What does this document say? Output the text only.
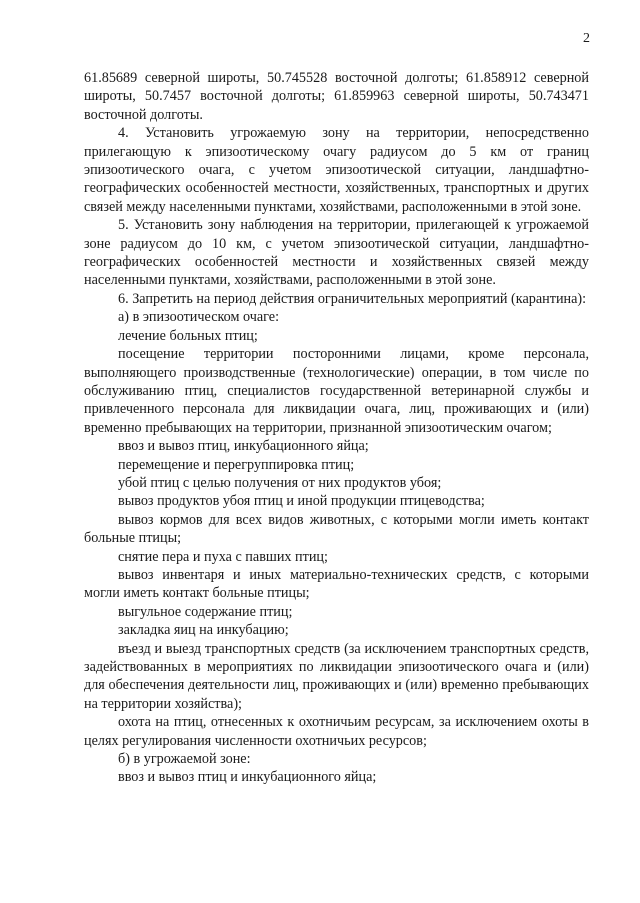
2

61.85689 северной широты, 50.745528 восточной долготы; 61.858912 северной широты, 50.7457 восточной долготы; 61.859963 северной широты, 50.743471 восточной долготы.

4. Установить угрожаемую зону на территории, непосредственно прилегающую к эпизоотическому очагу радиусом до 5 км от границ эпизоотического очага, с учетом эпизоотической ситуации, ландшафтно-географических особенностей местности, хозяйственных, транспортных и других связей между населенными пунктами, хозяйствами, расположенными в этой зоне.

5. Установить зону наблюдения на территории, прилегающей к угрожаемой зоне радиусом до 10 км, с учетом эпизоотической ситуации, ландшафтно-географических особенностей местности и хозяйственных связей между населенными пунктами, хозяйствами, расположенными в этой зоне.

6. Запретить на период действия ограничительных мероприятий (карантина):

а) в эпизоотическом очаге:

лечение больных птиц;

посещение территории посторонними лицами, кроме персонала, выполняющего производственные (технологические) операции, в том числе по обслуживанию птиц, специалистов государственной ветеринарной службы и привлеченного персонала для ликвидации очага, лиц, проживающих и (или) временно пребывающих на территории, признанной эпизоотическим очагом;

ввоз и вывоз птиц, инкубационного яйца;

перемещение и перегруппировка птиц;

убой птиц с целью получения от них продуктов убоя;

вывоз продуктов убоя птиц и иной продукции птицеводства;

вывоз кормов для всех видов животных, с которыми могли иметь контакт больные птицы;

снятие пера и пуха с павших птиц;

вывоз инвентаря и иных материально-технических средств, с которыми могли иметь контакт больные птицы;

выгульное содержание птиц;

закладка яиц на инкубацию;

въезд и выезд транспортных средств (за исключением транспортных средств, задействованных в мероприятиях по ликвидации эпизоотического очага и (или) для обеспечения деятельности лиц, проживающих и (или) временно пребывающих на территории хозяйства);

охота на птиц, отнесенных к охотничьим ресурсам, за исключением охоты в целях регулирования численности охотничьих ресурсов;

б) в угрожаемой зоне:

ввоз и вывоз птиц и инкубационного яйца;
